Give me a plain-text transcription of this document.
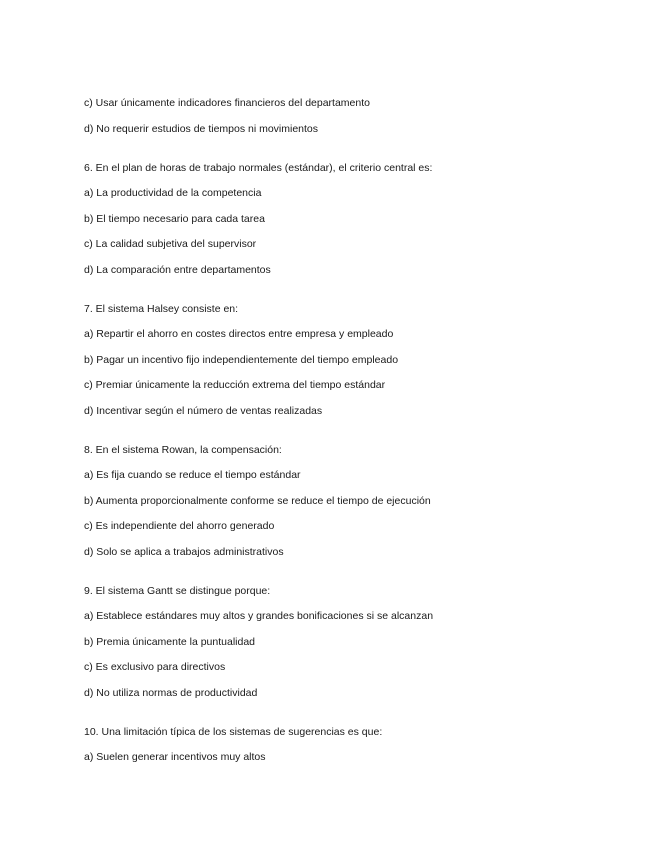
c) Usar únicamente indicadores financieros del departamento
d) No requerir estudios de tiempos ni movimientos
6. En el plan de horas de trabajo normales (estándar), el criterio central es:
a) La productividad de la competencia
b) El tiempo necesario para cada tarea
c) La calidad subjetiva del supervisor
d) La comparación entre departamentos
7. El sistema Halsey consiste en:
a) Repartir el ahorro en costes directos entre empresa y empleado
b) Pagar un incentivo fijo independientemente del tiempo empleado
c) Premiar únicamente la reducción extrema del tiempo estándar
d) Incentivar según el número de ventas realizadas
8. En el sistema Rowan, la compensación:
a) Es fija cuando se reduce el tiempo estándar
b) Aumenta proporcionalmente conforme se reduce el tiempo de ejecución
c) Es independiente del ahorro generado
d) Solo se aplica a trabajos administrativos
9. El sistema Gantt se distingue porque:
a) Establece estándares muy altos y grandes bonificaciones si se alcanzan
b) Premia únicamente la puntualidad
c) Es exclusivo para directivos
d) No utiliza normas de productividad
10. Una limitación típica de los sistemas de sugerencias es que:
a) Suelen generar incentivos muy altos
